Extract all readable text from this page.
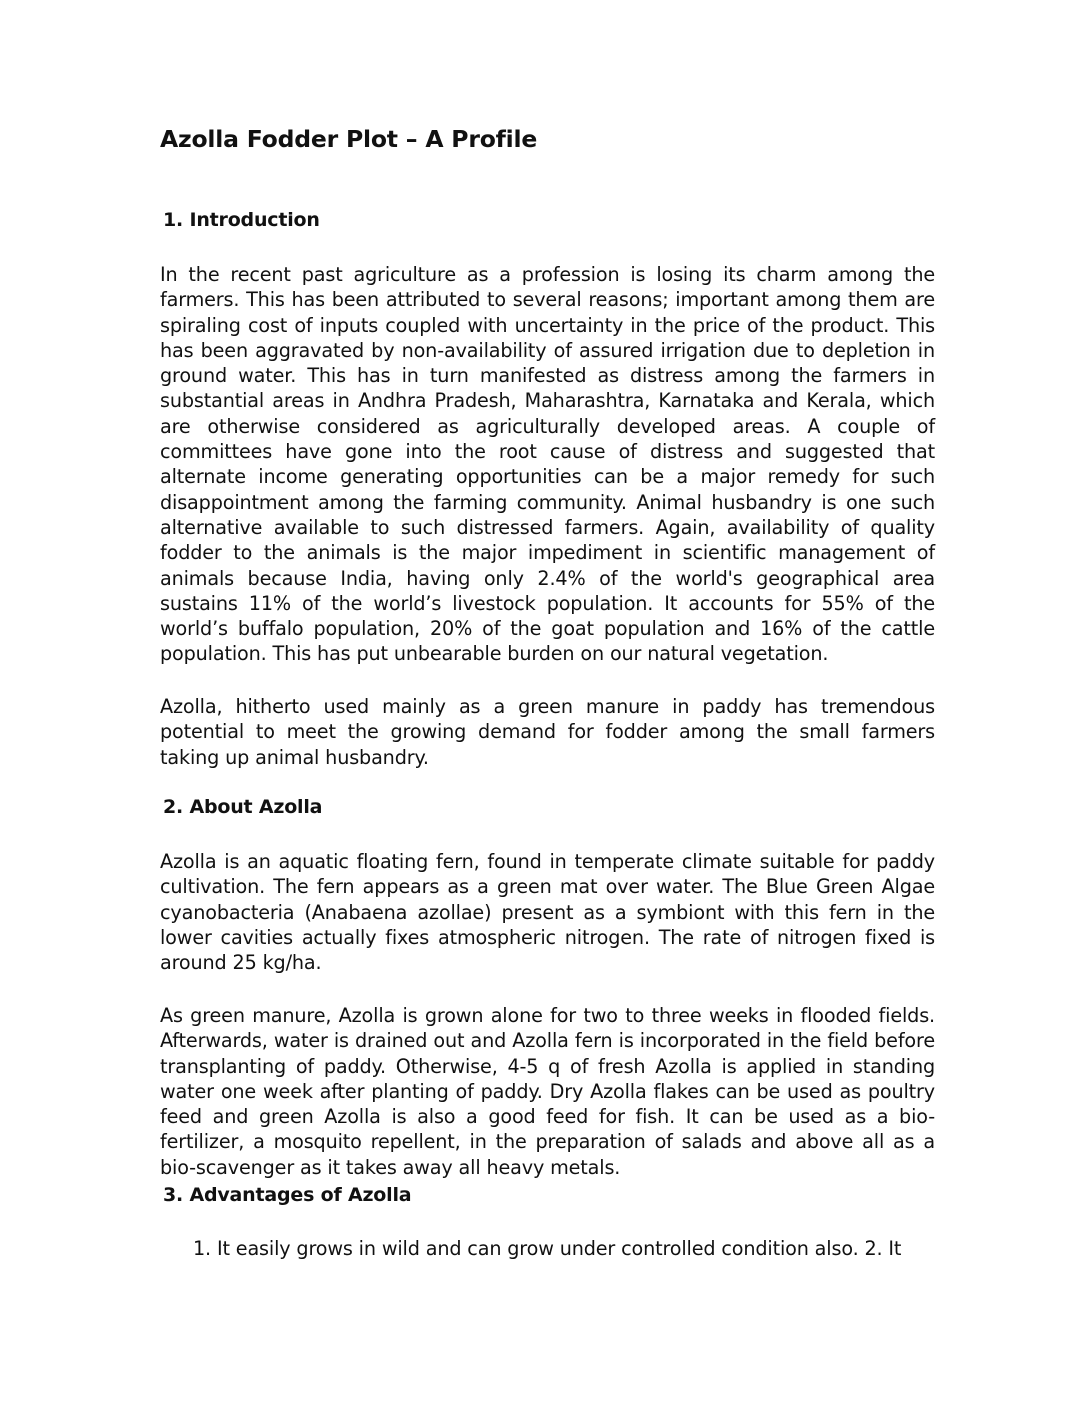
Azolla Fodder Plot – A Profile
1. Introduction

In the recent past agriculture as a profession is losing its charm among the farmers. This has been attributed to several reasons; important among them are spiraling cost of inputs coupled with uncertainty in the price of the product. This has been aggravated by non-availability of assured irrigation due to depletion in ground water. This has in turn manifested as distress among the farmers in substantial areas in Andhra Pradesh, Maharashtra, Karnataka and Kerala, which are otherwise considered as agriculturally developed areas. A couple of committees have gone into the root cause of distress and suggested that alternate income generating opportunities can be a major remedy for such disappointment among the farming community. Animal husbandry is one such alternative available to such distressed farmers. Again, availability of quality fodder to the animals is the major impediment in scientific management of animals because India, having only 2.4% of the world's geographical area sustains 11% of the world’s livestock population. It accounts for 55% of the world’s buffalo population, 20% of the goat population and 16% of the cattle population. This has put unbearable burden on our natural vegetation.

Azolla, hitherto used mainly as a green manure in paddy has tremendous potential to meet the growing demand for fodder among the small farmers taking up animal husbandry.

2. About Azolla

Azolla is an aquatic floating fern, found in temperate climate suitable for paddy cultivation. The fern appears as a green mat over water. The Blue Green Algae cyanobacteria (Anabaena azollae) present as a symbiont with this fern in the lower cavities actually fixes atmospheric nitrogen. The rate of nitrogen fixed is around 25 kg/ha.

As green manure, Azolla is grown alone for two to three weeks in flooded fields. Afterwards, water is drained out and Azolla fern is incorporated in the field before transplanting of paddy. Otherwise, 4-5 q of fresh Azolla is applied in standing water one week after planting of paddy. Dry Azolla flakes can be used as poultry feed and green Azolla is also a good feed for fish. It can be used as a bio-fertilizer, a mosquito repellent, in the preparation of salads and above all as a bio-scavenger as it takes away all heavy metals.

3. Advantages of Azolla

1. It easily grows in wild and can grow under controlled condition also. 2. It
